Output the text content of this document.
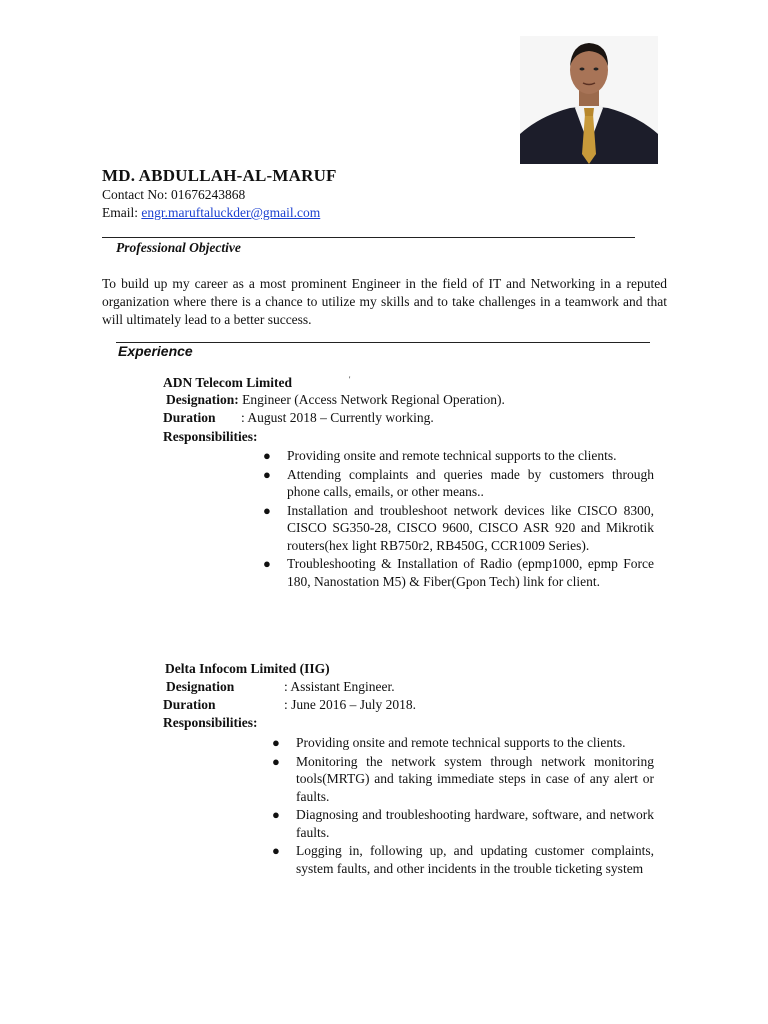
MD. ABDULLAH-AL-MARUF
Contact No: 01676243868
Email: engr.maruftaluckder@gmail.com
Professional Objective
To build up my career as a most prominent Engineer in the field of IT and Networking in a reputed organization where there is a chance to utilize my skills and to take challenges in a teamwork and that will ultimately lead to a better success.
Experience
ADN Telecom Limited	'
Designation: Engineer (Access Network Regional Operation).
Duration : August 2018 – Currently working.
Responsibilities:
● Providing onsite and remote technical supports to the clients.
● Attending complaints and queries made by customers through phone calls, emails, or other means..
● Installation and troubleshoot network devices like CISCO 8300, CISCO SG350-28, CISCO 9600, CISCO ASR 920 and Mikrotik routers(hex light RB750r2, RB450G, CCR1009 Series).
● Troubleshooting & Installation of Radio (epmp1000, epmp Force 180, Nanostation M5) & Fiber(Gpon Tech) link for client.
Delta Infocom Limited (IIG)
Designation	: Assistant Engineer.
Duration	: June 2016 – July 2018.
Responsibilities:
● Providing onsite and remote technical supports to the clients.
● Monitoring the network system through network monitoring tools(MRTG) and taking immediate steps in case of any alert or faults.
● Diagnosing and troubleshooting hardware, software, and network faults.
● Logging in, following up, and updating customer complaints, system faults, and other incidents in the trouble ticketing system
